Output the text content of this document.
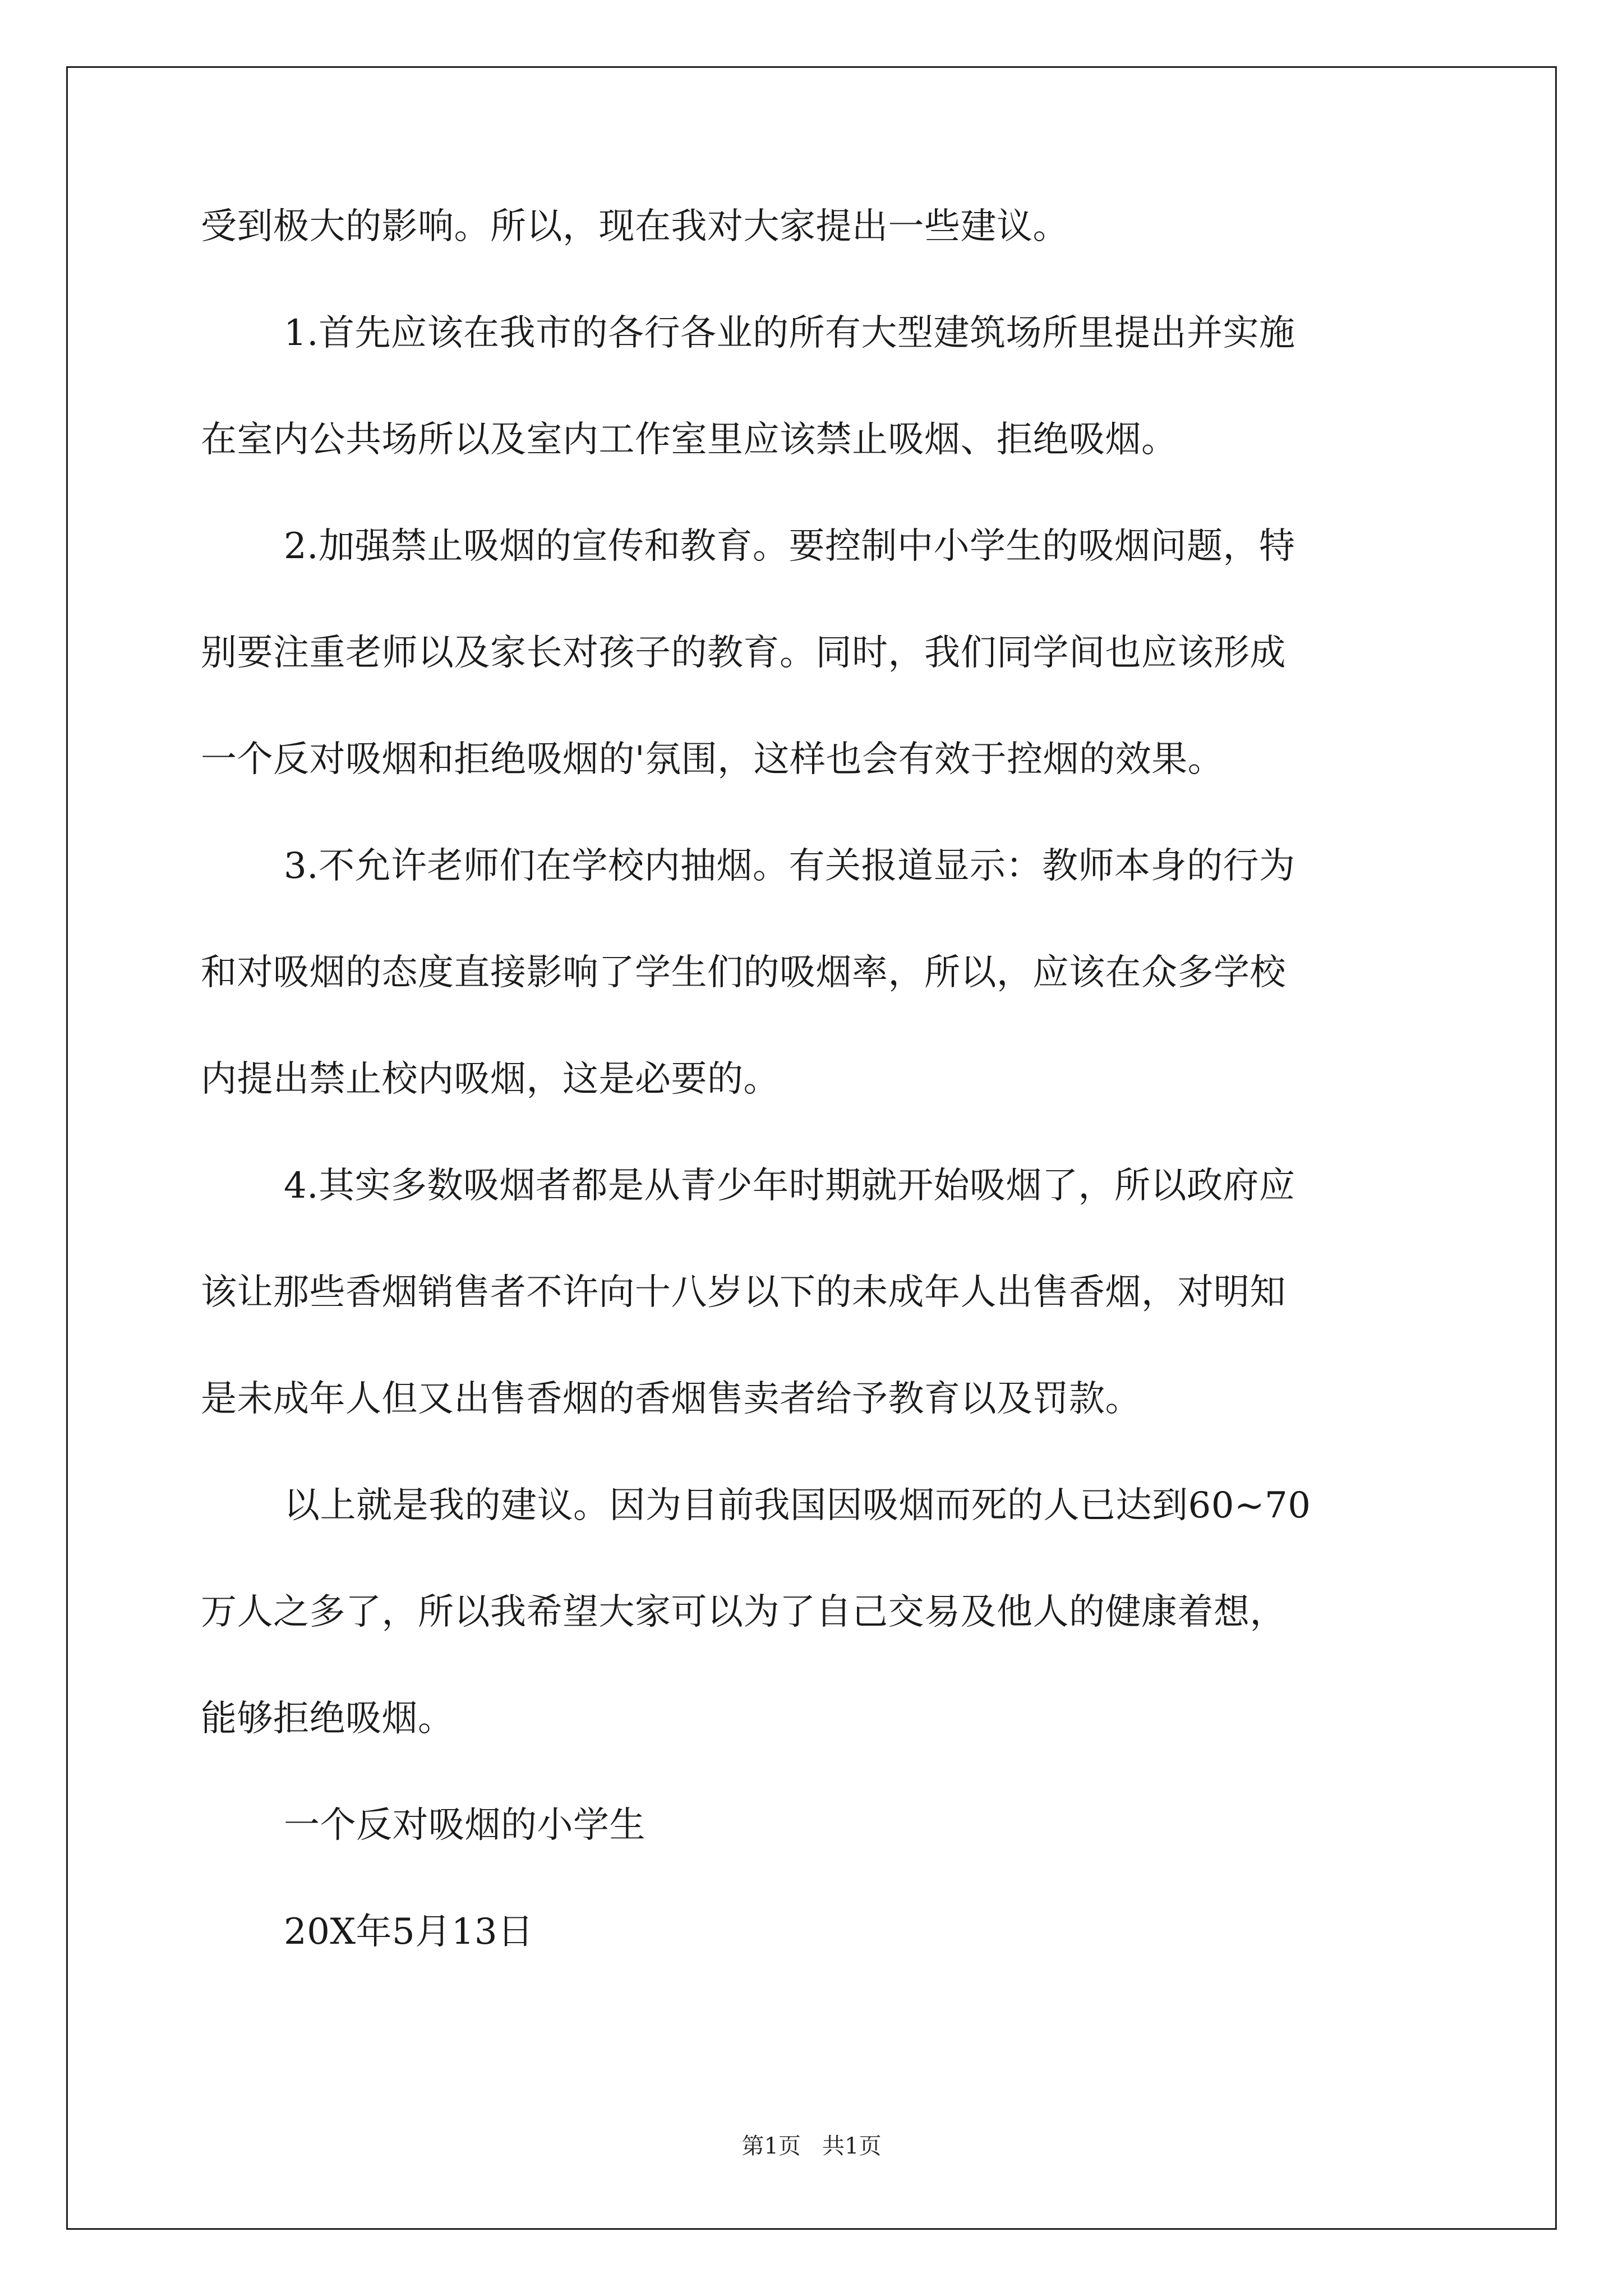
受到极大的影响。所以，现在我对大家提出一些建议。
1.首先应该在我市的各行各业的所有大型建筑场所里提出并实施
在室内公共场所以及室内工作室里应该禁止吸烟、拒绝吸烟。
2.加强禁止吸烟的宣传和教育。要控制中小学生的吸烟问题，特
别要注重老师以及家长对孩子的教育。同时，我们同学间也应该形成
一个反对吸烟和拒绝吸烟的'氛围，这样也会有效于控烟的效果。
3.不允许老师们在学校内抽烟。有关报道显示：教师本身的行为
和对吸烟的态度直接影响了学生们的吸烟率，所以，应该在众多学校
内提出禁止校内吸烟，这是必要的。
4.其实多数吸烟者都是从青少年时期就开始吸烟了，所以政府应
该让那些香烟销售者不许向十八岁以下的未成年人出售香烟，对明知
是未成年人但又出售香烟的香烟售卖者给予教育以及罚款。
以上就是我的建议。因为目前我国因吸烟而死的人已达到60~70
万人之多了，所以我希望大家可以为了自己交易及他人的健康着想，
能够拒绝吸烟。
一个反对吸烟的小学生
20X年5月13日
第1页   共1页
